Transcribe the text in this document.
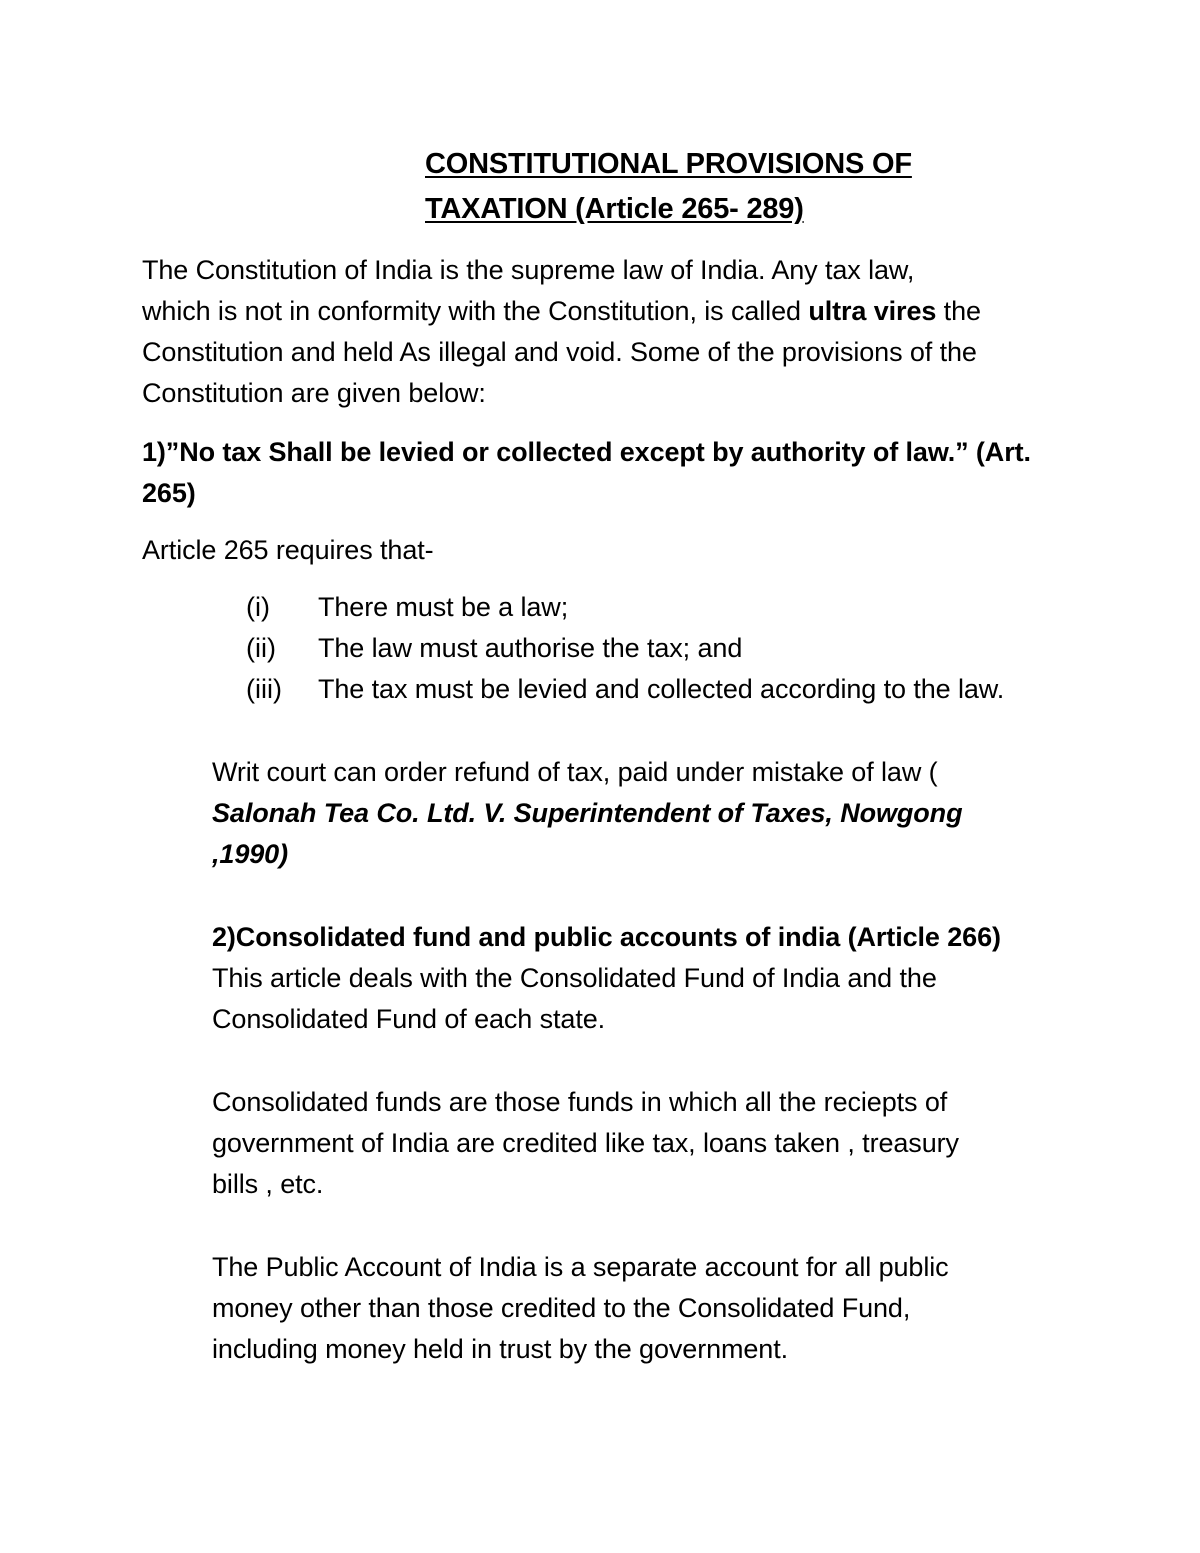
CONSTITUTIONAL PROVISIONS OF
TAXATION (Article 265- 289)
The Constitution of India is the supreme law of India. Any tax law,
which is not in conformity with the Constitution, is called ultra vires the
Constitution and held As illegal and void. Some of the provisions of the
Constitution are given below:
1)”No tax Shall be levied or collected except by authority of law.” (Art.
265)
Article 265 requires that-
(i) There must be a law;
(ii) The law must authorise the tax; and
(iii) The tax must be levied and collected according to the law.
Writ court can order refund of tax, paid under mistake of law (
Salonah Tea Co. Ltd. V. Superintendent of Taxes, Nowgong
,1990)
2)Consolidated fund and public accounts of india (Article 266)
This article deals with the Consolidated Fund of India and the
Consolidated Fund of each state.
Consolidated funds are those funds in which all the reciepts of
government of India are credited like tax, loans taken , treasury
bills , etc.
The Public Account of India is a separate account for all public
money other than those credited to the Consolidated Fund,
including money held in trust by the government.
